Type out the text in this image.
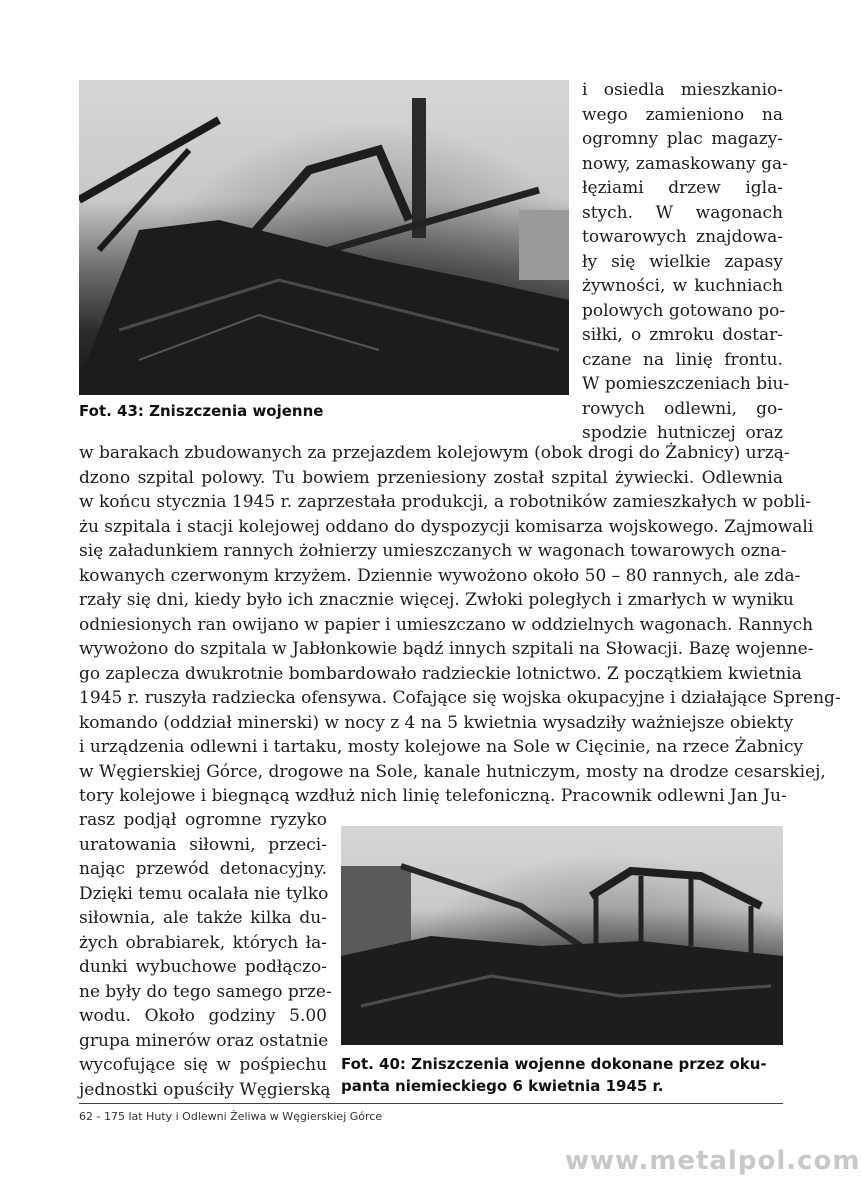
Fot. 43: Zniszczenia wojenne
i osiedla mieszkanio-
wego zamieniono na
ogromny plac magazy-
nowy, zamaskowany ga-
łęziami drzew igla-
stych. W wagonach
towarowych znajdowa-
ły się wielkie zapasy
żywności, w kuchniach
polowych gotowano po-
siłki, o zmroku dostar-
czane na linię frontu.
W pomieszczeniach biu-
rowych odlewni, go-
spodzie hutniczej oraz
w barakach zbudowanych za przejazdem kolejowym (obok drogi do Żabnicy) urzą-
dzono szpital polowy. Tu bowiem przeniesiony został szpital żywiecki. Odlewnia
w końcu stycznia 1945 r. zaprzestała produkcji, a robotników zamieszkałych w pobli-
żu szpitala i stacji kolejowej oddano do dyspozycji komisarza wojskowego. Zajmowali
się załadunkiem rannych żołnierzy umieszczanych w wagonach towarowych ozna-
kowanych czerwonym krzyżem. Dziennie wywożono około 50 – 80 rannych, ale zda-
rzały się dni, kiedy było ich znacznie więcej. Zwłoki poległych i zmarłych w wyniku
odniesionych ran owijano w papier i umieszczano w oddzielnych wagonach. Rannych
wywożono do szpitala w Jabłonkowie bądź innych szpitali na Słowacji. Bazę wojenne-
go zaplecza dwukrotnie bombardowało radzieckie lotnictwo. Z początkiem kwietnia
1945 r. ruszyła radziecka ofensywa. Cofające się wojska okupacyjne i działające Spreng-
komando (oddział minerski) w nocy z 4 na 5 kwietnia wysadziły ważniejsze obiekty
i urządzenia odlewni i tartaku, mosty kolejowe na Sole w Cięcinie, na rzece Żabnicy
w Węgierskiej Górce, drogowe na Sole, kanale hutniczym, mosty na drodze cesarskiej,
tory kolejowe i biegnącą wzdłuż nich linię telefoniczną. Pracownik odlewni Jan Ju-
rasz podjął ogromne ryzyko
uratowania siłowni, przeci-
nając przewód detonacyjny.
Dzięki temu ocalała nie tylko
siłownia, ale także kilka du-
żych obrabiarek, których ła-
dunki wybuchowe podłączo-
ne były do tego samego prze-
wodu. Około godziny 5.00
grupa minerów oraz ostatnie
wycofujące się w pośpiechu
jednostki opuściły Węgierską
Fot. 40: Zniszczenia wojenne dokonane przez oku-
panta niemieckiego 6 kwietnia 1945 r.
62 - 175 lat Huty i Odlewni Żeliwa w Węgierskiej Górce
www.metalpol.com
